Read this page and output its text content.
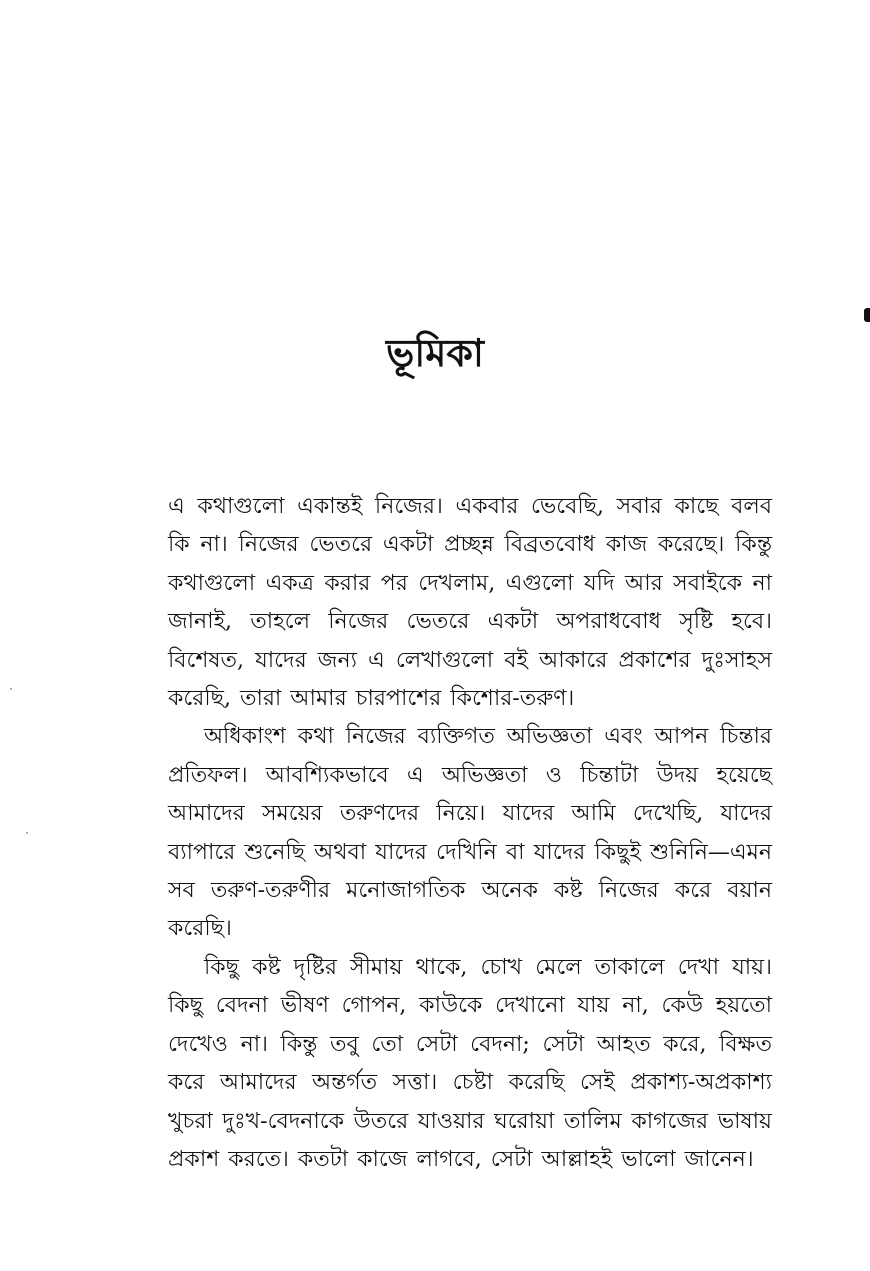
ভূমিকা

এ কথাগুলো একান্তই নিজের। একবার ভেবেছি, সবার কাছে বলব কি না। নিজের ভেতরে একটা প্রচ্ছন্ন বিব্রতবোধ কাজ করেছে। কিন্তু কথাগুলো একত্র করার পর দেখলাম, এগুলো যদি আর সবাইকে না জানাই, তাহলে নিজের ভেতরে একটা অপরাধবোধ সৃষ্টি হবে। বিশেষত, যাদের জন্য এ লেখাগুলো বই আকারে প্রকাশের দুঃসাহস করেছি, তারা আমার চারপাশের কিশোর-তরুণ।

অধিকাংশ কথা নিজের ব্যক্তিগত অভিজ্ঞতা এবং আপন চিন্তার প্রতিফল। আবশ্যিকভাবে এ অভিজ্ঞতা ও চিন্তাটা উদয় হয়েছে আমাদের সময়ের তরুণদের নিয়ে। যাদের আমি দেখেছি, যাদের ব্যাপারে শুনেছি অথবা যাদের দেখিনি বা যাদের কিছুই শুনিনি—এমন সব তরুণ-তরুণীর মনোজাগতিক অনেক কষ্ট নিজের করে বয়ান করেছি।

কিছু কষ্ট দৃষ্টির সীমায় থাকে, চোখ মেলে তাকালে দেখা যায়। কিছু বেদনা ভীষণ গোপন, কাউকে দেখানো যায় না, কেউ হয়তো দেখেও না। কিন্তু তবু তো সেটা বেদনা; সেটা আহত করে, বিক্ষত করে আমাদের অন্তর্গত সত্তা। চেষ্টা করেছি সেই প্রকাশ্য-অপ্রকাশ্য খুচরা দুঃখ-বেদনাকে উতরে যাওয়ার ঘরোয়া তালিম কাগজের ভাষায় প্রকাশ করতে। কতটা কাজে লাগবে, সেটা আল্লাহই ভালো জানেন।
